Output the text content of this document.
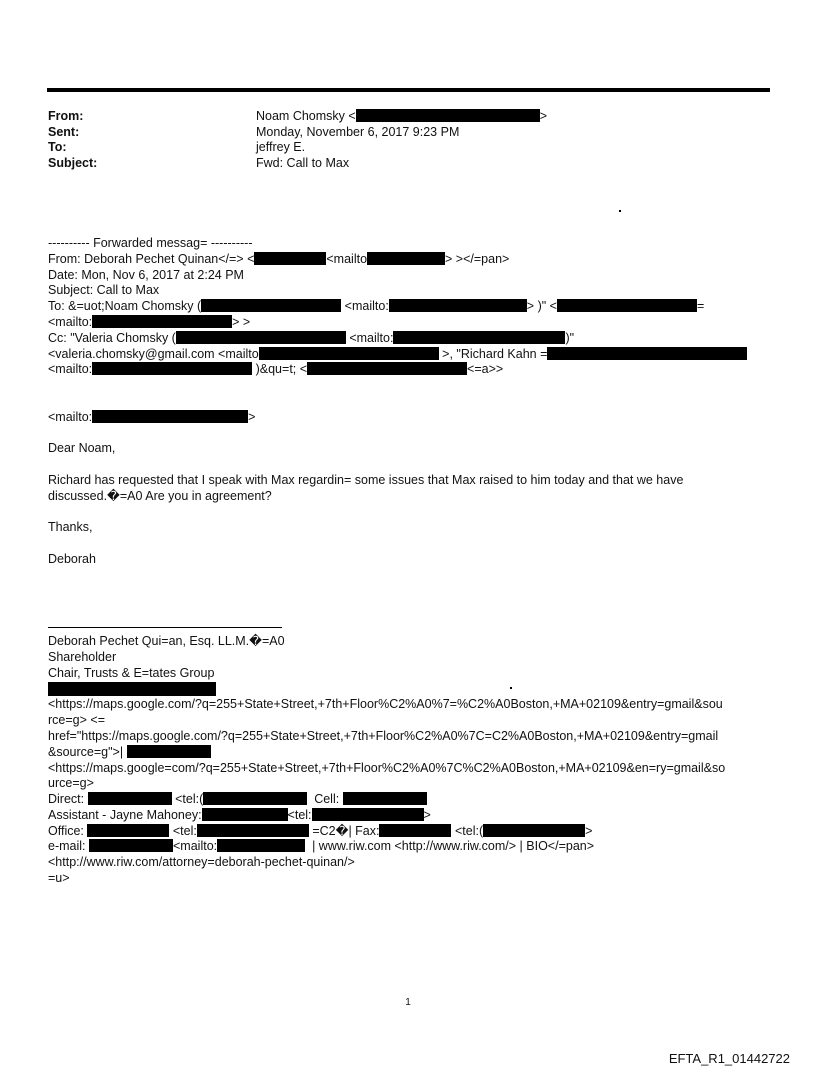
From:	Noam Chomsky <	>
Sent:	Monday, November 6, 2017 9:23 PM
To:	jeffrey E.
Subject:	Fwd: Call to Max
---------- Forwarded messag= ----------
From: Deborah Pechet Quinan</=> <	<mailto	> ></=pan>
Date: Mon, Nov 6, 2017 at 2:24 PM
Subject: Call to Max
To: &=uot;Noam Chomsky (	<mailto:	> )" <	=
<mailto:	> >
Cc: "Valeria Chomsky (	<mailto:	)"
<valeria.chomsky@gmail.com <mailto	>, "Richard Kahn =
<mailto:	)&qu=t; <	<=a>>
<mailto:	>
Dear Noam,
Richard has requested that I speak with Max regardin= some issues that Max raised to him today and that we have discussed.�=A0 Are you in agreement?
Thanks,
Deborah
Deborah Pechet Qui=an, Esq. LL.M.�=A0
Shareholder
Chair, Trusts & E=tates Group
<https://maps.google.com/?q=255+State+Street,+7th+Floor%C2%A0%7=%C2%A0Boston,+MA+02109&entry=gmail&sou
rce=g> <=
href="https://maps.google.com/?q=255+State+Street,+7th+Floor%C2%A0%7C=C2%A0Boston,+MA+02109&entry=gmail
&source=g">|
<https://maps.google=com/?q=255+State+Street,+7th+Floor%C2%A0%7C%C2%A0Boston,+MA+02109&en=ry=gmail&so
urce=g>
Direct:	<tel:(	Cell:
Assistant - Jayne Mahoney:	<tel:	>
Office:	<tel:	=C2�| Fax:	<tel:(	>
e-mail:	<mailto:	| www.riw.com <http://www.riw.com/> | BIO</=pan>
<http://www.riw.com/attorney=deborah-pechet-quinan/>
=u>
1
EFTA_R1_01442722
